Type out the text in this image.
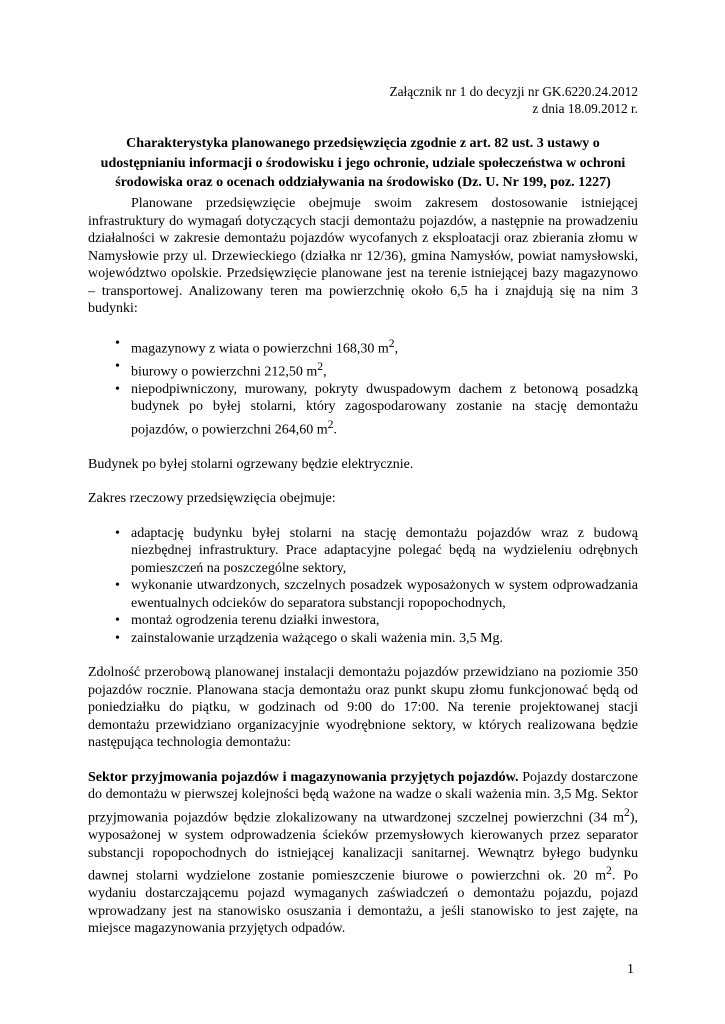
Załącznik nr 1 do decyzji nr GK.6220.24.2012
z dnia 18.09.2012 r.
Charakterystyka planowanego przedsięwzięcia zgodnie z art. 82 ust. 3 ustawy o udostępnianiu informacji o środowisku i jego ochronie, udziale społeczeństwa w ochroni środowiska oraz o ocenach oddziaływania na środowisko (Dz. U. Nr 199, poz. 1227)

Planowane przedsięwzięcie obejmuje swoim zakresem dostosowanie istniejącej infrastruktury do wymagań dotyczących stacji demontażu pojazdów, a następnie na prowadzeniu działalności w zakresie demontażu pojazdów wycofanych z eksploatacji oraz zbierania złomu w Namysłowie przy ul. Drzewieckiego (działka nr 12/36), gmina Namysłów, powiat namysłowski, województwo opolskie. Przedsięwzięcie planowane jest na terenie istniejącej bazy magazynowo – transportowej. Analizowany teren ma powierzchnię około 6,5 ha i znajdują się na nim 3 budynki:

• magazynowy z wiata o powierzchni 168,30 $m^2$,
• biurowy o powierzchni 212,50 $m^2$,
• niepodpiwniczony, murowany, pokryty dwuspadowym dachem z betonową posadzką budynek po byłej stolarni, który zagospodarowany zostanie na stację demontażu pojazdów, o powierzchni 264,60 $m^2$.

Budynek po byłej stolarni ogrzewany będzie elektrycznie.

Zakres rzeczowy przedsięwzięcia obejmuje:

• adaptację budynku byłej stolarni na stację demontażu pojazdów wraz z budową niezbędnej infrastruktury. Prace adaptacyjne polegać będą na wydzieleniu odrębnych pomieszczeń na poszczególne sektory,
• wykonanie utwardzonych, szczelnych posadzek wyposażonych w system odprowadzania ewentualnych odcieków do separatora substancji ropopochodnych,
• montaż ogrodzenia terenu działki inwestora,
• zainstalowanie urządzenia ważącego o skali ważenia min. 3,5 Mg.

Zdolność przerobową planowanej instalacji demontażu pojazdów przewidziano na poziomie 350 pojazdów rocznie. Planowana stacja demontażu oraz punkt skupu złomu funkcjonować będą od poniedziałku do piątku, w godzinach od 9:00 do 17:00. Na terenie projektowanej stacji demontażu przewidziano organizacyjnie wyodrębnione sektory, w których realizowana będzie następująca technologia demontażu:

Sektor przyjmowania pojazdów i magazynowania przyjętych pojazdów. Pojazdy dostarczone do demontażu w pierwszej kolejności będą ważone na wadze o skali ważenia min. 3,5 Mg. Sektor przyjmowania pojazdów będzie zlokalizowany na utwardzonej szczelnej powierzchni (34 $m^2$), wyposażonej w system odprowadzenia ścieków przemysłowych kierowanych przez separator substancji ropopochodnych do istniejącej kanalizacji sanitarnej. Wewnątrz byłego budynku dawnej stolarni wydzielone zostanie pomieszczenie biurowe o powierzchni ok. 20 $m^2$. Po wydaniu dostarczającemu pojazd wymaganych zaświadczeń o demontażu pojazdu, pojazd wprowadzany jest na stanowisko osuszania i demontażu, a jeśli stanowisko to jest zajęte, na miejsce magazynowania przyjętych odpadów.

1
